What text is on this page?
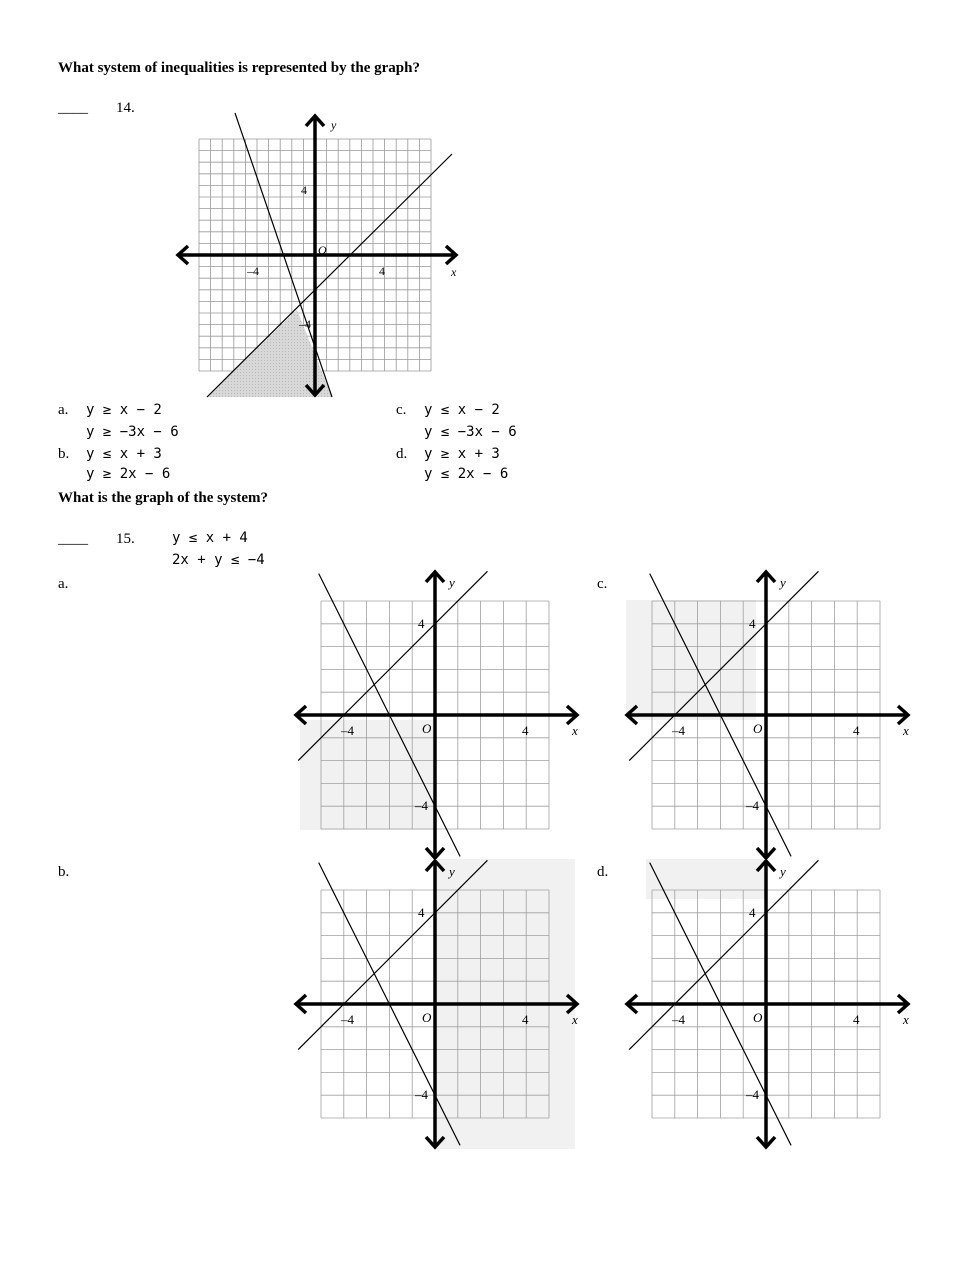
What system of inequalities is represented by the graph?
____ 14.
y
x
O
–4	4
4
–4
a. y ≥ x − 2
y ≥ −3x − 6
b. y ≤ x + 3
y ≥ 2x − 6
c. y ≤ x − 2
y ≤ −3x − 6
d. y ≥ x + 3
y ≤ 2x − 6
What is the graph of the system?
____ 15.	y ≤ x + 4
2x + y ≤ −4
a.
b.
c.
d.
y
x
O
–4	4
4
–4
y
x
O
–4	4
4
–4
y
x
O
–4	4
4
–4
y
x
O
–4	4
4
–4
